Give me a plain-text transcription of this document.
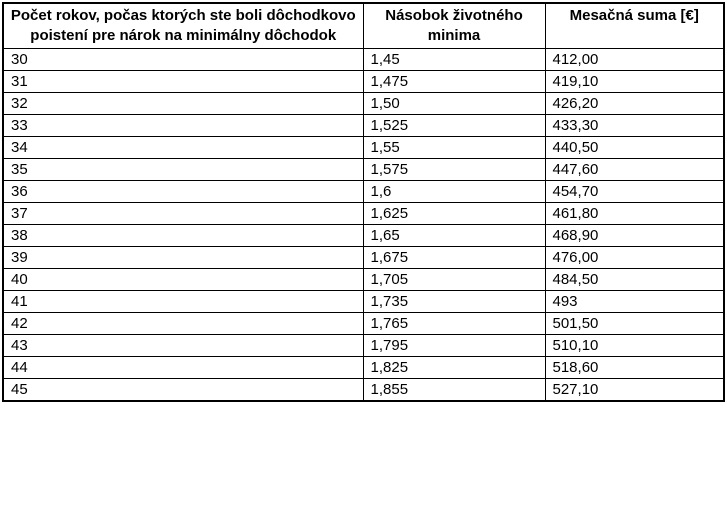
Počet rokov, počas ktorých ste boli dôchodkovo poistení pre nárok na minimálny dôchodok	Násobok životného minima	Mesačná suma [€]
30	1,45	412,00
31	1,475	419,10
32	1,50	426,20
33	1,525	433,30
34	1,55	440,50
35	1,575	447,60
36	1,6	454,70
37	1,625	461,80
38	1,65	468,90
39	1,675	476,00
40	1,705	484,50
41	1,735	493
42	1,765	501,50
43	1,795	510,10
44	1,825	518,60
45	1,855	527,10
